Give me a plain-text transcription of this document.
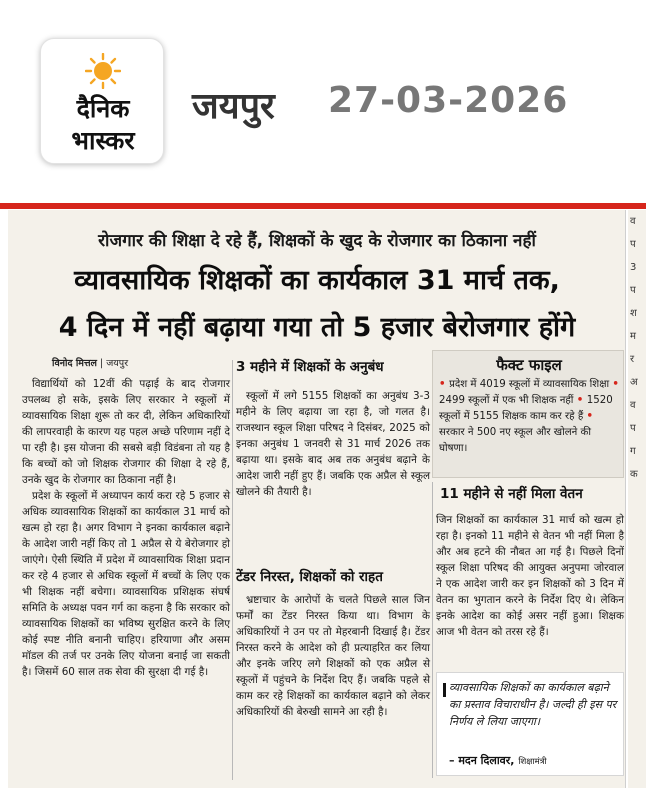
दैनिक
भास्कर
जयपुर 27-03-2026
रोजगार की शिक्षा दे रहे हैं, शिक्षकों के खुद के रोजगार का ठिकाना नहीं
व्यावसायिक शिक्षकों का कार्यकाल 31 मार्च तक,
4 दिन में नहीं बढ़ाया गया तो 5 हजार बेरोजगार होंगे
विनोद मित्तल | जयपुर

विद्यार्थियों को 12वीं की पढ़ाई के बाद रोजगार उपलब्ध हो सके, इसके लिए सरकार ने स्कूलों में व्यावसायिक शिक्षा शुरू तो कर दी, लेकिन अधिकारियों की लापरवाही के कारण यह पहल अच्छे परिणाम नहीं दे पा रही है। इस योजना की सबसे बड़ी विडंबना तो यह है कि बच्चों को जो शिक्षक रोजगार की शिक्षा दे रहे हैं, उनके खुद के रोजगार का ठिकाना नहीं है।

प्रदेश के स्कूलों में अध्यापन कार्य करा रहे 5 हजार से अधिक व्यावसायिक शिक्षकों का कार्यकाल 31 मार्च को खत्म हो रहा है। अगर विभाग ने इनका कार्यकाल बढ़ाने के आदेश जारी नहीं किए तो 1 अप्रैल से ये बेरोजगार हो जाएंगे। ऐसी स्थिति में प्रदेश में व्यावसायिक शिक्षा प्रदान कर रहे 4 हजार से अधिक स्कूलों में बच्चों के लिए एक भी शिक्षक नहीं बचेगा। व्यावसायिक प्रशिक्षक संघर्ष समिति के अध्यक्ष पवन गर्ग का कहना है कि सरकार को व्यावसायिक शिक्षकों का भविष्य सुरक्षित करने के लिए कोई स्पष्ट नीति बनानी चाहिए। हरियाणा और असम मॉडल की तर्ज पर उनके लिए योजना बनाई जा सकती है। जिसमें 60 साल तक सेवा की सुरक्षा दी गई है।

3 महीने में शिक्षकों के अनुबंध

स्कूलों में लगे 5155 शिक्षकों का अनुबंध 3-3 महीने के लिए बढ़ाया जा रहा है, जो गलत है। राजस्थान स्कूल शिक्षा परिषद ने दिसंबर, 2025 को इनका अनुबंध 1 जनवरी से 31 मार्च 2026 तक बढ़ाया था। इसके बाद अब तक अनुबंध बढ़ाने के आदेश जारी नहीं हुए हैं। जबकि एक अप्रैल से स्कूल खोलने की तैयारी है।

टेंडर निरस्त, शिक्षकों को राहत

भ्रष्टाचार के आरोपों के चलते पिछले साल जिन फर्मों का टेंडर निरस्त किया था। विभाग के अधिकारियों ने उन पर तो मेहरबानी दिखाई है। टेंडर निरस्त करने के आदेश को ही प्रत्याहरित कर लिया और इनके जरिए लगे शिक्षकों को एक अप्रैल से स्कूलों में पहुंचने के निर्देश दिए हैं। जबकि पहले से काम कर रहे शिक्षकों का कार्यकाल बढ़ाने को लेकर अधिकारियों की बेरुखी सामने आ रही है।

फैक्ट फाइल
• प्रदेश में 4019 स्कूलों में व्यावसायिक शिक्षा • 2499 स्कूलों में एक भी शिक्षक नहीं • 1520 स्कूलों में 5155 शिक्षक काम कर रहे हैं • सरकार ने 500 नए स्कूल और खोलने की घोषणा।
11 महीने से नहीं मिला वेतन

जिन शिक्षकों का कार्यकाल 31 मार्च को खत्म हो रहा है। इनको 11 महीने से वेतन भी नहीं मिला है और अब हटने की नौबत आ गई है। पिछले दिनों स्कूल शिक्षा परिषद की आयुक्त अनुपमा जोरवाल ने एक आदेश जारी कर इन शिक्षकों को 3 दिन में वेतन का भुगतान करने के निर्देश दिए थे। लेकिन इनके आदेश का कोई असर नहीं हुआ। शिक्षक आज भी वेतन को तरस रहे हैं।

व्यावसायिक शिक्षकों का कार्यकाल बढ़ाने का प्रस्ताव विचाराधीन है। जल्दी ही इस पर निर्णय ले लिया जाएगा।
– मदन दिलावर, शिक्षामंत्री
व
प
3
प
श
म
र
अ
व
प
ग
क
